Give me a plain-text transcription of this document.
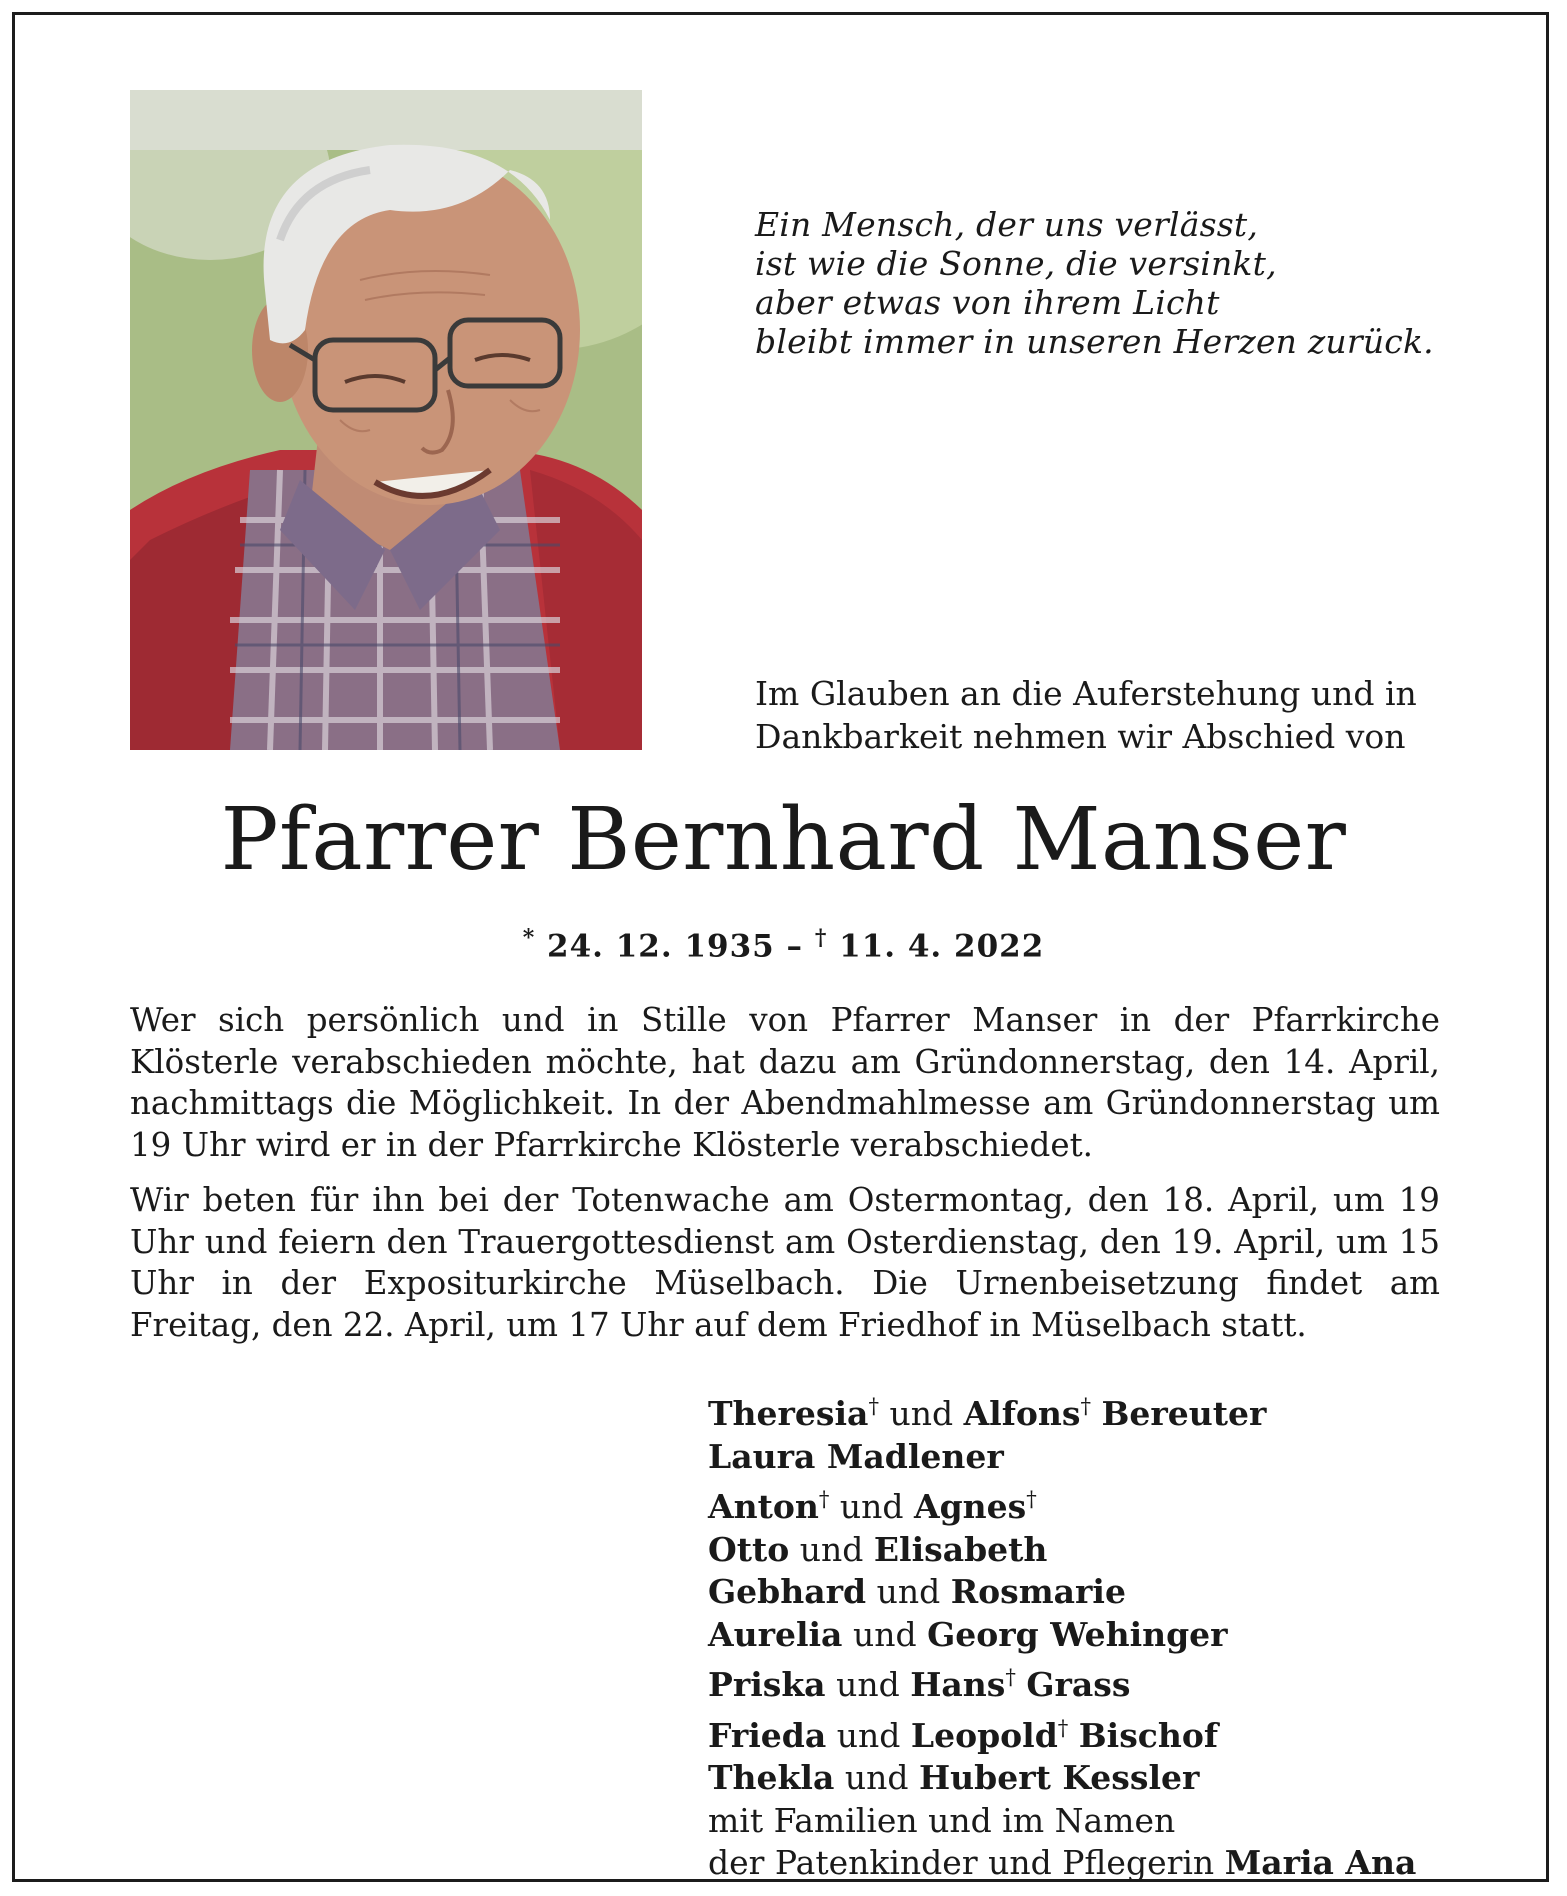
Ein Mensch, der uns verlässt,
ist wie die Sonne, die versinkt,
aber etwas von ihrem Licht
bleibt immer in unseren Herzen zurück.
Im Glauben an die Auferstehung und in
Dankbarkeit nehmen wir Abschied von
Pfarrer Bernhard Manser
* 24. 12. 1935 – † 11. 4. 2022

Wer sich persönlich und in Stille von Pfarrer Manser in der Pfarrkirche Klösterle verabschieden möchte, hat dazu am Gründonnerstag, den 14. April, nachmittags die Möglichkeit. In der Abendmahlmesse am Gründonnerstag um 19 Uhr wird er in der Pfarrkirche Klösterle verabschiedet.

Wir beten für ihn bei der Totenwache am Ostermontag, den 18. April, um 19 Uhr und feiern den Trauergottesdienst am Osterdienstag, den 19. April, um 15 Uhr in der Expositurkirche Müselbach. Die Urnenbeisetzung findet am Freitag, den 22. April, um 17 Uhr auf dem Friedhof in Müselbach statt.

Theresia† und Alfons† Bereuter
Laura Madlener
Anton† und Agnes†
Otto und Elisabeth
Gebhard und Rosmarie
Aurelia und Georg Wehinger
Priska und Hans† Grass
Frieda und Leopold† Bischof
Thekla und Hubert Kessler
mit Familien und im Namen
der Patenkinder und Pflegerin Maria Ana
